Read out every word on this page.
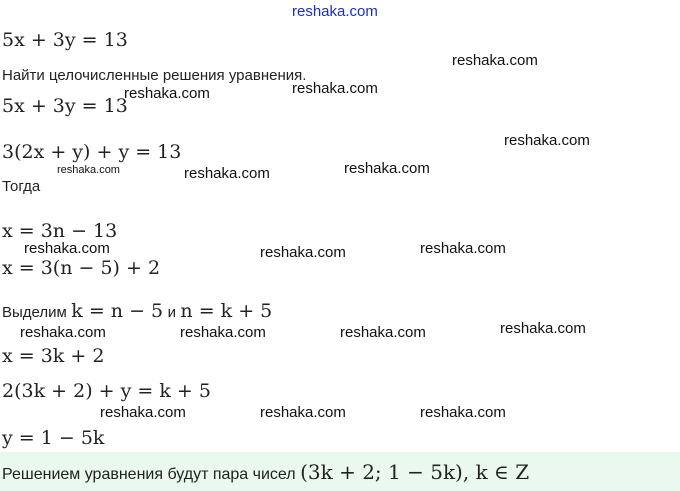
reshaka.com
5x + 3y = 13
Найти целочисленные решения уравнения.
5x + 3y = 13
3(2x + y) + y = 13
Тогда
x = 3n − 13
x = 3(n − 5) + 2
Выделим k = n − 5 и n = k + 5
x = 3k + 2
2(3k + 2) + y = k + 5
y = 1 − 5k
Решением уравнения будут пара чисел (3k + 2; 1 − 5k), k ∈ Z
reshaka.com
reshaka.com
reshaka.com
reshaka.com
reshaka.com	reshaka.com	reshaka.com
reshaka.com	reshaka.com	reshaka.com
reshaka.com	reshaka.com	reshaka.com	reshaka.com
reshaka.com	reshaka.com	reshaka.com
